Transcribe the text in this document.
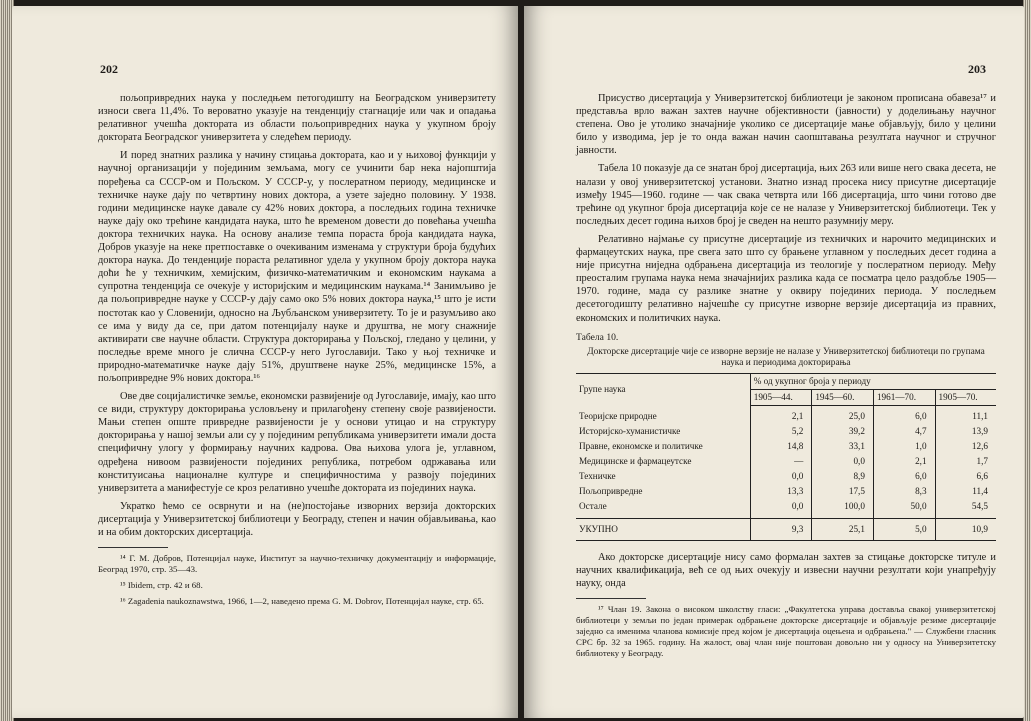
202

пољопривредних наука у последњем петогодишту на Београдском универзитету износи свега 11,4%. То вероватно указује на тенденцију стагнације или чак и опадања релативног учешћа доктората из области пољопривредних наука у укупном броју доктората Београдског универзитета у следећем периоду.

И поред знатних разлика у начину стицања доктората, као и у њиховој функцији у научној организацији у појединим земљама, могу се учинити бар нека најопштија поређења са СССР-ом и Пољском. У СССР-у, у послератном периоду, медицинске и техничке науке дају по четвртину нових доктора, а узете заједно половину. У 1938. години медицинске науке давале су 42% нових доктора, а последњих година техничке науке дају око трећине кандидата наука, што ће временом довести до повећања учешћа доктора техничких наука. На основу анализе темпа пораста броја кандидата наука, Добров указује на неке претпоставке о очекиваним изменама у структури броја будућих доктора наука. До тенденције пораста релативног удела у укупном броју доктора наука доћи ће у техничким, хемијским, физичко-математичким и економским наукама а супротна тенденција се очекује у историјским и медицинским наукама.¹⁴ Занимљиво је да пољопривредне науке у СССР-у дају само око 5% нових доктора наука,¹⁵ што је исти постотак као у Словенији, односно на Љубљанском универзитету. То је и разумљиво ако се има у виду да се, при датом потенцијалу науке и друштва, не могу снажније активирати све научне области. Структура докторирања у Пољској, гледано у целини, у последње време много је слична СССР-у него Југославији. Тако у њој техничке и природно-математичке науке дају 51%, друштвене науке 25%, медицинске 15%, а пољопривредне 9% нових доктора.¹⁶

Ове две социјалистичке земље, економски развијеније од Југославије, имају, као што се види, структуру докторирања условљену и прилагођену степену своје развијености. Мањи степен опште привредне развијености је у основи утицао и на структуру докторирања у нашој земљи али су у појединим републикама универзитети имали доста специфичну улогу у формирању научних кадрова. Ова њихова улога је, углавном, одређена нивоом развијености појединих република, потребом одржавања или конституисања националне културе и специфичностима у развоју појединих универзитета а манифестује се кроз релативно учешће доктората из појединих наука.

Укратко ћемо се осврнути и на (не)постојање изворних верзија докторских дисертација у Универзитетској библиотеци у Београду, степен и начин објављивања, као и на обим докторских дисертација.

¹⁴ Г. М. Добров, Потенцијал науке, Институт за научно-техничку документацију и информације, Београд 1970, стр. 35—43.

¹⁵ Ibidem, стр. 42 и 68.

¹⁶ Zagadenia naukoznawstwa, 1966, 1—2, наведено према G. M. Dobrov, Потенцијал науке, стр. 65.

203

Присуство дисертација у Универзитетској библиотеци је законом прописана обавеза¹⁷ и представља врло важан захтев научне објективности (јавности) у доделињању научног степена. Ово је утолико значајније уколико се дисертације мање објављују, било у целини било у изводима, јер је то онда важан начин саопштавања резултата научног и стручног јавности.

Табела 10 показује да се знатан број дисертација, њих 263 или више него свака десета, не налази у овој универзитетској установи. Знатно изнад просека нису присутне дисертације између 1945—1960. године — чак свака четврта или 166 дисертација, што чини готово две трећине од укупног броја дисертација које се не налазе у Универзитетској библиотеци. Тек у последњих десет година њихов број је сведен на нешто разумнију меру.

Релативно најмање су присутне дисертације из техничких и нарочито медицинских и фармацеутских наука, пре свега зато што су брањене углавном у последњих десет година а није присутна ниједна одбрањена дисертација из теологије у послератном периоду. Међу преосталим групама наука нема значајнијих разлика када се посматра цело раздобље 1905—1970. године, мада су разлике знатне у оквиру појединих периода. У последњем десетогодишту релативно најчешће су присутне изворне верзије дисертација из правних, економских и политичких наука.

Табела 10.
Докторске дисертације чије се изворне верзије не налазе у Универзитетској библиотеци по групама наука и периодима докторирања
Групе наука	% од укупног броја у периоду			
	1905—44.	1945—60.	1961—70.	1905—70.
Теоријске природне	2,1	25,0	6,0	11,1
Историјско-хуманистичке	5,2	39,2	4,7	13,9
Правне, економске и политичке	14,8	33,1	1,0	12,6
Медицинске и фармацеутске	—	0,0	2,1	1,7
Техничке	0,0	8,9	6,0	6,6
Пољопривредне	13,3	17,5	8,3	11,4
Остале	0,0	100,0	50,0	54,5
УКУПНО	9,3	25,1	5,0	10,9

Ако докторске дисертације нису само формалан захтев за стицање докторске титуле и научних квалификација, већ се од њих очекују и извесни научни резултати који унапређују науку, онда

¹⁷ Члан 19. Закона о високом школству гласи: „Факултетска управа доставља свакој универзитетској библиотеци у земљи по један примерак одбрањене докторске дисертације и објављује резиме дисертације заједно са именима чланова комисије пред којом је дисертација оцењена и одбрањена." — Службени гласник СРС бр. 32 за 1965. годину. На жалост, овај члан није поштован довољно ни у односу на Универзитетску библиотеку у Београду.
